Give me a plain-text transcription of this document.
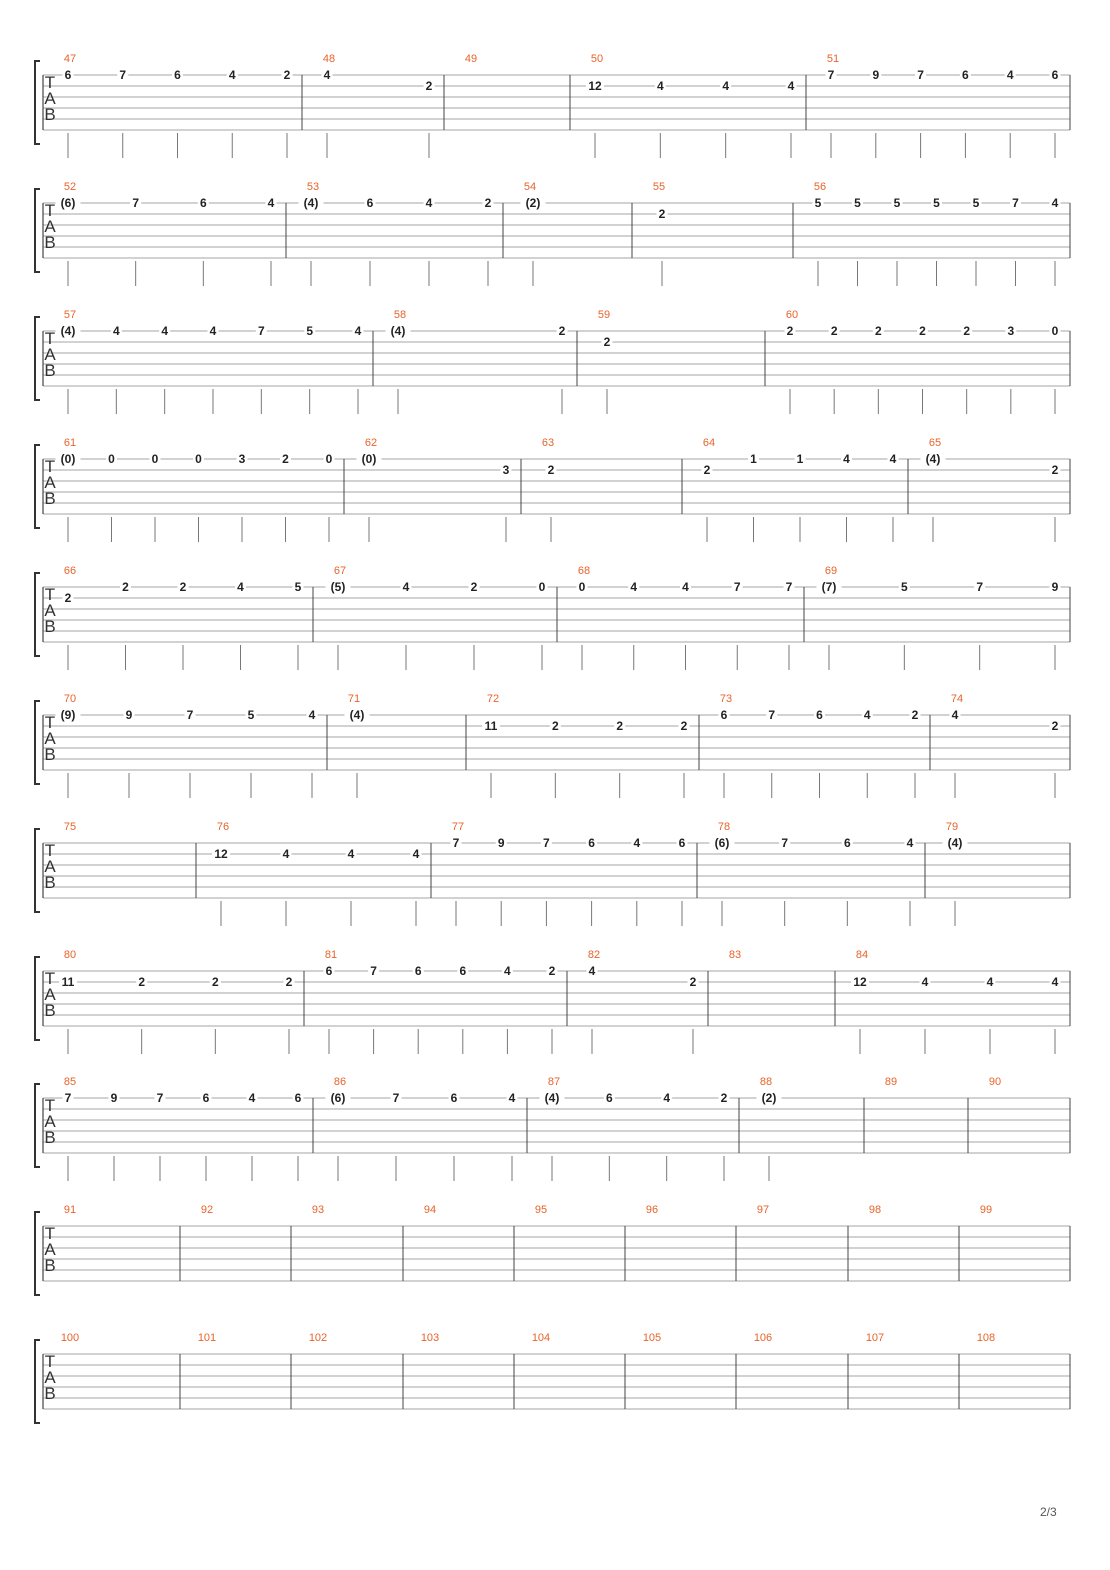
T
A
B
47
6	7	6	4	2
48
4
2
49	50
12	4	4	4
51
7	9	7	6	4	6
T
A
B
52
(6)	7	6	4
53
(4)	6	4	2
54
(2)
55
2
56
5	5	5	5	5	7	4
T
A
B
57
(4)	4	4	4	7	5	4
58
(4)	2
59
2
60
2	2	2	2	2	3	0
T
A
B
61
(0)	0	0	0	3	2	0
62
(0)
3
63
2
64
2
1	1	4	4
65
(4)
2
T
A
B
66
2
2	2	4	5
67
(5)	4	2	0
68
0	4	4	7	7
69
(7)	5	7	9
T
A
B
70
(9)	9	7	5	4
71
(4)
72
11	2	2	2
73
6	7	6	4	2
74
4
2
T
A
B
75	76
12	4	4	4
77
7	9	7	6	4	6
78
(6)	7	6	4
79
(4)
T
A
B
80
11	2	2	2
81
6	7	6	6	4	2
82
4
2
83	84
12	4	4	4
T
A
B
85
7	9	7	6	4	6
86
(6)	7	6	4
87
(4)	6	4	2
88
(2)
89	90
T
A
B
91	92	93	94	95	96	97	98	99
T
A
B
100	101	102	103	104	105	106	107	108
2/3
